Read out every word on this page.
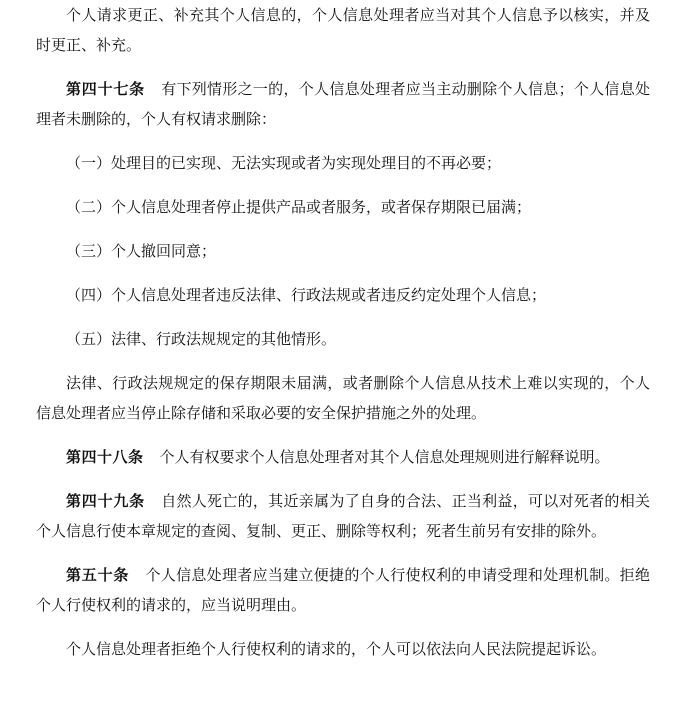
个人请求更正、补充其个人信息的，个人信息处理者应当对其个人信息予以核实，并及时更正、补充。

第四十七条 有下列情形之一的，个人信息处理者应当主动删除个人信息；个人信息处理者未删除的，个人有权请求删除：

（一）处理目的已实现、无法实现或者为实现处理目的不再必要；

（二）个人信息处理者停止提供产品或者服务，或者保存期限已届满；

（三）个人撤回同意；

（四）个人信息处理者违反法律、行政法规或者违反约定处理个人信息；

（五）法律、行政法规规定的其他情形。

法律、行政法规规定的保存期限未届满，或者删除个人信息从技术上难以实现的，个人信息处理者应当停止除存储和采取必要的安全保护措施之外的处理。

第四十八条 个人有权要求个人信息处理者对其个人信息处理规则进行解释说明。

第四十九条 自然人死亡的，其近亲属为了自身的合法、正当利益，可以对死者的相关个人信息行使本章规定的查阅、复制、更正、删除等权利；死者生前另有安排的除外。

第五十条 个人信息处理者应当建立便捷的个人行使权利的申请受理和处理机制。拒绝个人行使权利的请求的，应当说明理由。

个人信息处理者拒绝个人行使权利的请求的，个人可以依法向人民法院提起诉讼。
